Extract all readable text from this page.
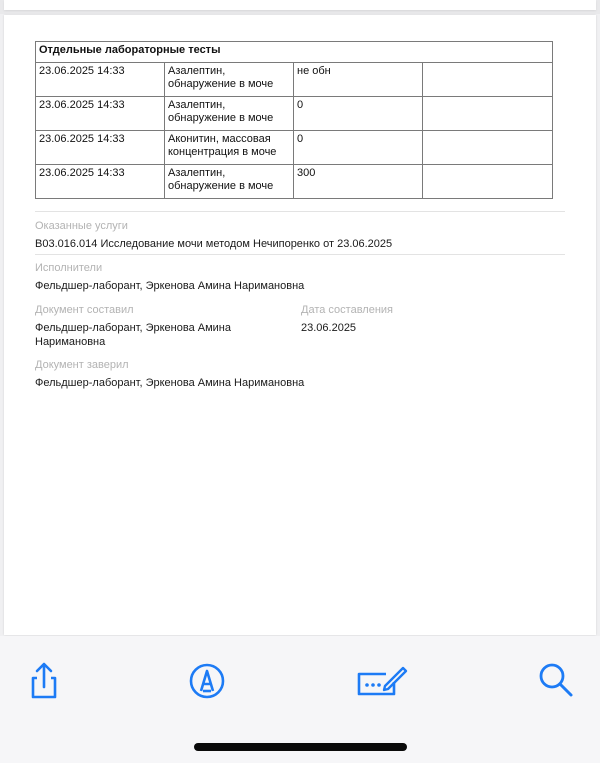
Отдельные лабораторные тесты			
23.06.2025 14:33	Азалептин, обнаружение в моче	не обн	
23.06.2025 14:33	Азалептин, обнаружение в моче	0	
23.06.2025 14:33	Аконитин, массовая концентрация в моче	0	
23.06.2025 14:33	Азалептин, обнаружение в моче	300	
Оказанные услуги
B03.016.014 Исследование мочи методом Нечипоренко от 23.06.2025
Исполнители
Фельдшер-лаборант, Эркенова Амина Наримановна
Документ составил
Фельдшер-лаборант, Эркенова Амина Наримановна
Дата составления
23.06.2025
Документ заверил
Фельдшер-лаборант, Эркенова Амина Наримановна
